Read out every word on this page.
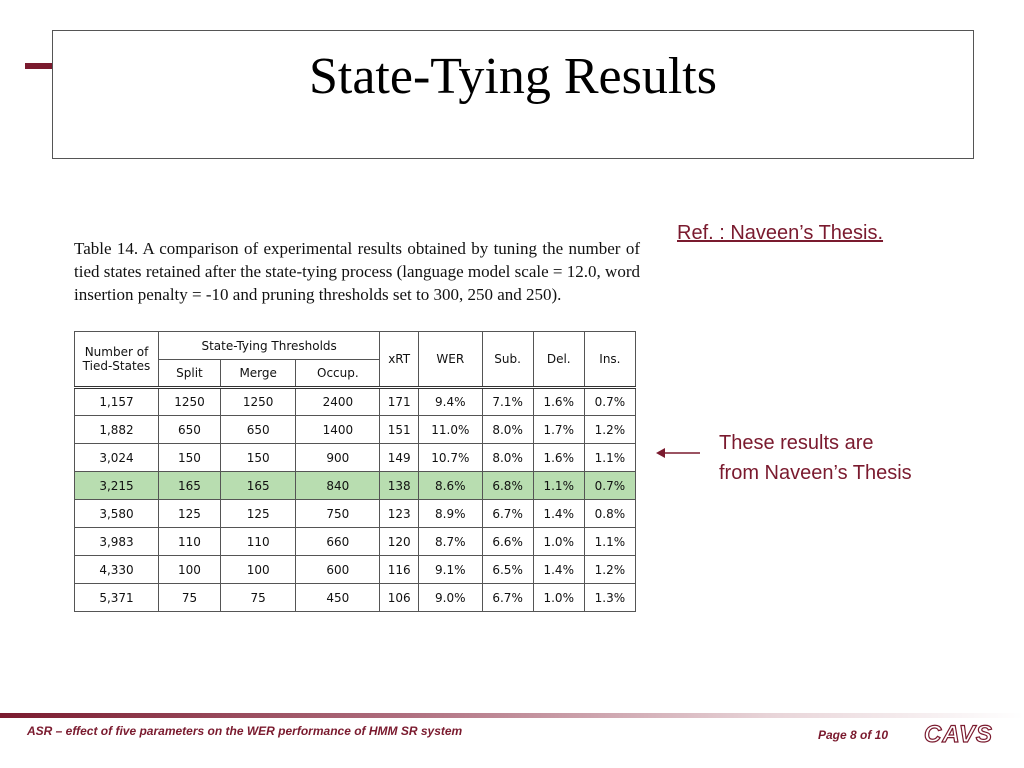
State-Tying Results
Ref. : Naveen’s Thesis.
Table 14. A comparison of experimental results obtained by tuning the number of tied states retained after the state-tying process (language model scale = 12.0, word insertion penalty = -10 and pruning thresholds set to 300, 250 and 250).
Number of Tied-States	State-Tying Thresholds			xRT	WER	Sub.	Del.	Ins.
	Split	Merge	Occup.					
1,157	1250	1250	2400	171	9.4%	7.1%	1.6%	0.7%
1,882	650	650	1400	151	11.0%	8.0%	1.7%	1.2%
3,024	150	150	900	149	10.7%	8.0%	1.6%	1.1%
3,215	165	165	840	138	8.6%	6.8%	1.1%	0.7%
3,580	125	125	750	123	8.9%	6.7%	1.4%	0.8%
3,983	110	110	660	120	8.7%	6.6%	1.0%	1.1%
4,330	100	100	600	116	9.1%	6.5%	1.4%	1.2%
5,371	75	75	450	106	9.0%	6.7%	1.0%	1.3%
These results are
from Naveen’s Thesis
ASR – effect of five parameters on the WER performance of HMM SR system	Page 8 of 10 CAVS
